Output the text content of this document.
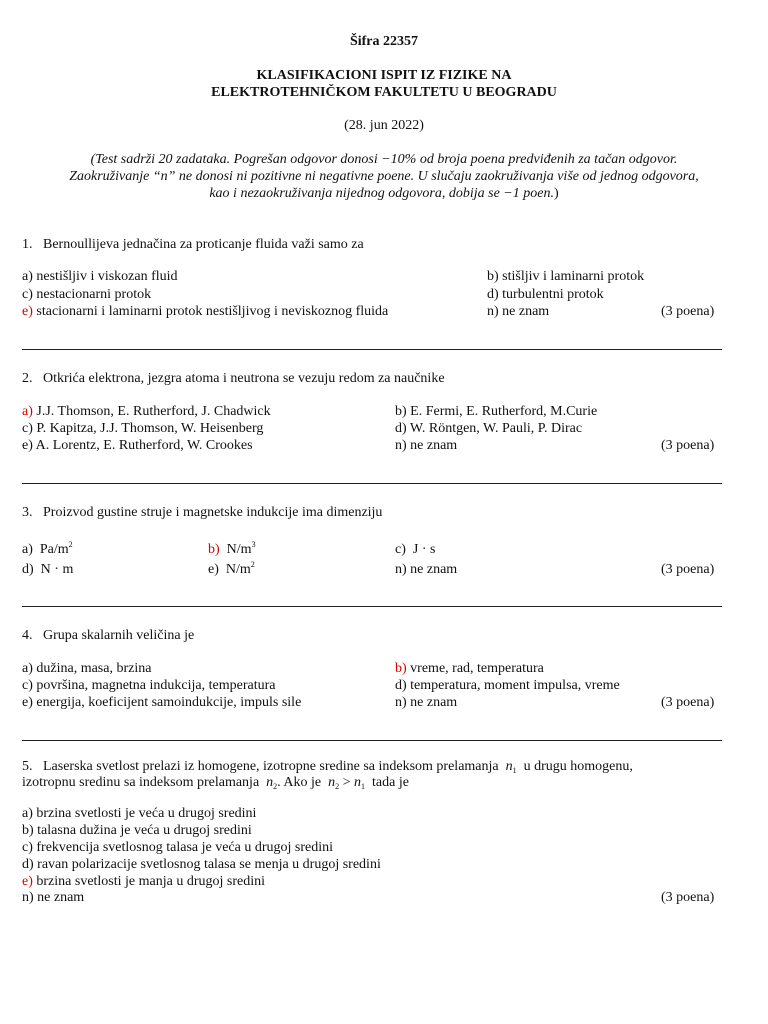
Šifra 22357
KLASIFIKACIONI ISPIT IZ FIZIKE NA
ELEKTROTEHNIČKOM FAKULTETU U BEOGRADU
(28. jun 2022)
(Test sadrži 20 zadataka. Pogrešan odgovor donosi −10% od broja poena predviđenih za tačan odgovor.
Zaokruživanje “n” ne donosi ni pozitivne ni negativne poene. U slučaju zaokruživanja više od jednog odgovora,
kao i nezaokruživanja nijednog odgovora, dobija se −1 poen.)
1. Bernoullijeva jednačina za proticanje fluida važi samo za
a) nestišljiv i viskozan fluid	b) stišljiv i laminarni protok
c) nestacionarni protok	d) turbulentni protok
e) stacionarni i laminarni protok nestišljivog i neviskoznog fluida	n) ne znam	(3 poena)
2. Otkrića elektrona, jezgra atoma i neutrona se vezuju redom za naučnike
a) J.J. Thomson, E. Rutherford, J. Chadwick	b) E. Fermi, E. Rutherford, M.Curie
c) P. Kapitza, J.J. Thomson, W. Heisenberg	d) W. Röntgen, W. Pauli, P. Dirac
e) A. Lorentz, E. Rutherford, W. Crookes	n) ne znam	(3 poena)
3. Proizvod gustine struje i magnetske indukcije ima dimenziju
a) $Pa/m^2$	b) $N/m^3$	c) J · s
d) N · m	e) $N/m^2$	n) ne znam	(3 poena)
4. Grupa skalarnih veličina je
a) dužina, masa, brzina	b) vreme, rad, temperatura
c) površina, magnetna indukcija, temperatura	d) temperatura, moment impulsa, vreme
e) energija, koeficijent samoindukcije, impuls sile	n) ne znam	(3 poena)
5. Laserska svetlost prelazi iz homogene, izotropne sredine sa indeksom prelamanja $n_1$ u drugu homogenu,
izotropnu sredinu sa indeksom prelamanja $n_2$. Ako je $n_2 > n_1$ tada je
a) brzina svetlosti je veća u drugoj sredini
b) talasna dužina je veća u drugoj sredini
c) frekvencija svetlosnog talasa je veća u drugoj sredini
d) ravan polarizacije svetlosnog talasa se menja u drugoj sredini
e) brzina svetlosti je manja u drugoj sredini
n) ne znam	(3 poena)
